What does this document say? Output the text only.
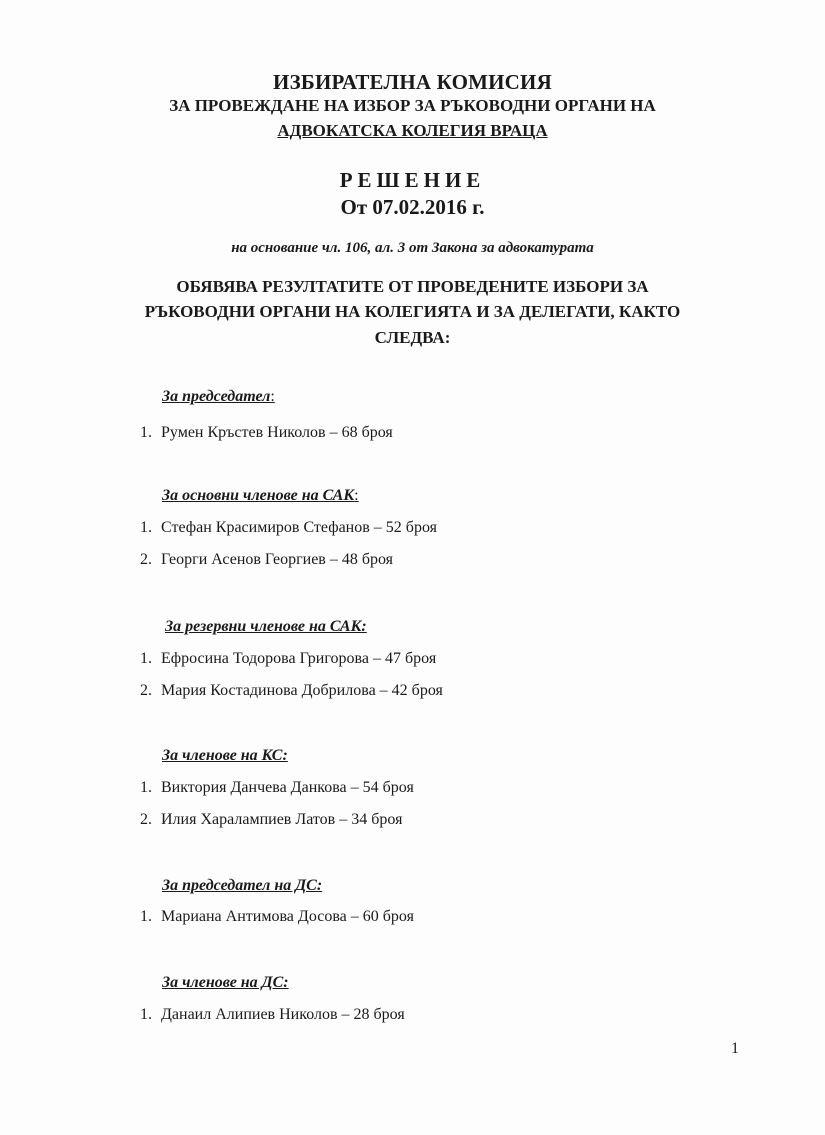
ИЗБИРАТЕЛНА КОМИСИЯ
ЗА ПРОВЕЖДАНЕ НА ИЗБОР ЗА РЪКОВОДНИ ОРГАНИ НА
АДВОКАТСКА КОЛЕГИЯ ВРАЦА
РЕШЕНИЕ
От 07.02.2016 г.
на основание чл. 106, ал. 3 от Закона за адвокатурата
ОБЯВЯВА РЕЗУЛТАТИТЕ ОТ ПРОВЕДЕНИТЕ ИЗБОРИ ЗА
РЪКОВОДНИ ОРГАНИ НА КОЛЕГИЯТА И ЗА ДЕЛЕГАТИ, КАКТО
СЛЕДВА:
За председател:
1. Румен Кръстев Николов – 68 броя
За основни членове на САК:
1. Стефан Красимиров Стефанов – 52 броя
2. Георги Асенов Георгиев – 48 броя
За резервни членове на САК:
1. Ефросина Тодорова Григорова – 47 броя
2. Мария Костадинова Добрилова – 42 броя
За членове на КС:
1. Виктория Данчева Данкова – 54 броя
2. Илия Харалампиев Латов – 34 броя
За председател на ДС:
1. Мариана Антимова Досова – 60 броя
За членове на ДС:
1. Данаил Алипиев Николов – 28 броя
1
